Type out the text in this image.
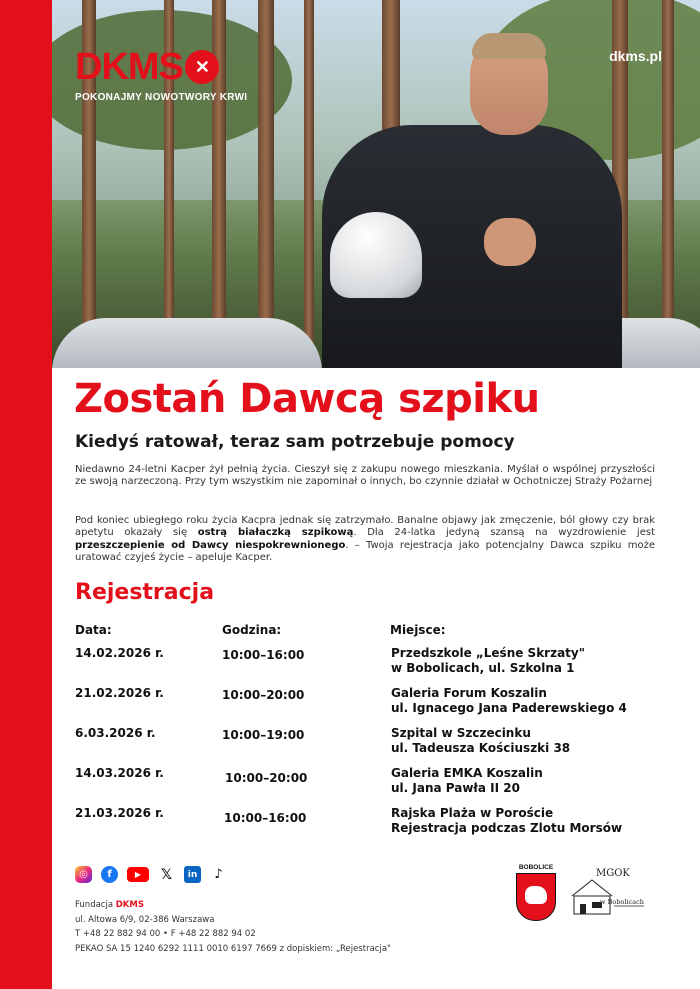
DKMS ✕
POKONAJMY NOWOTWORY KRWI
dkms.pl
Zostań Dawcą szpiku
Kiedyś ratował, teraz sam potrzebuje pomocy
Niedawno 24-letni Kacper żył pełnią życia. Cieszył się z zakupu nowego mieszkania. Myślał o wspólnej przyszłości ze swoją narzeczoną. Przy tym wszystkim nie zapominał o innych, bo czynnie działał w Ochotniczej Straży Pożarnej
Pod koniec ubiegłego roku życia Kacpra jednak się zatrzymało. Banalne objawy jak zmęczenie, ból głowy czy brak apetytu okazały się ostrą białaczką szpikową. Dla 24-latka jedyną szansą na wyzdrowienie jest przeszczepienie od Dawcy niespokrewnionego. – Twoja rejestracja jako potencjalny Dawca szpiku może uratować czyjeś życie – apeluje Kacper.
Rejestracja
Data:	Godzina:	Miejsce:
14.02.2026 r.	10:00–16:00	Przedszkole „Leśne Skrzaty"
w Bobolicach, ul. Szkolna 1
21.02.2026 r.	10:00–20:00	Galeria Forum Koszalin
ul. Ignacego Jana Paderewskiego 4
6.03.2026 r.	10:00–19:00	Szpital w Szczecinku
ul. Tadeusza Kościuszki 38
14.03.2026 r.	10:00–20:00	Galeria EMKA Koszalin
ul. Jana Pawła II 20
21.03.2026 r.	10:00–16:00	Rajska Plaża w Poroście
Rejestracja podczas Zlotu Morsów
◎	f	▶	𝕏	in	♪
Fundacja DKMS
ul. Altowa 6/9, 02-386 Warszawa
T +48 22 882 94 00 • F +48 22 882 94 02
PEKAO SA 15 1240 6292 1111 0010 6197 7669 z dopiskiem: „Rejestracja"
BOBOLICE
MGOK
w Bobolicach
